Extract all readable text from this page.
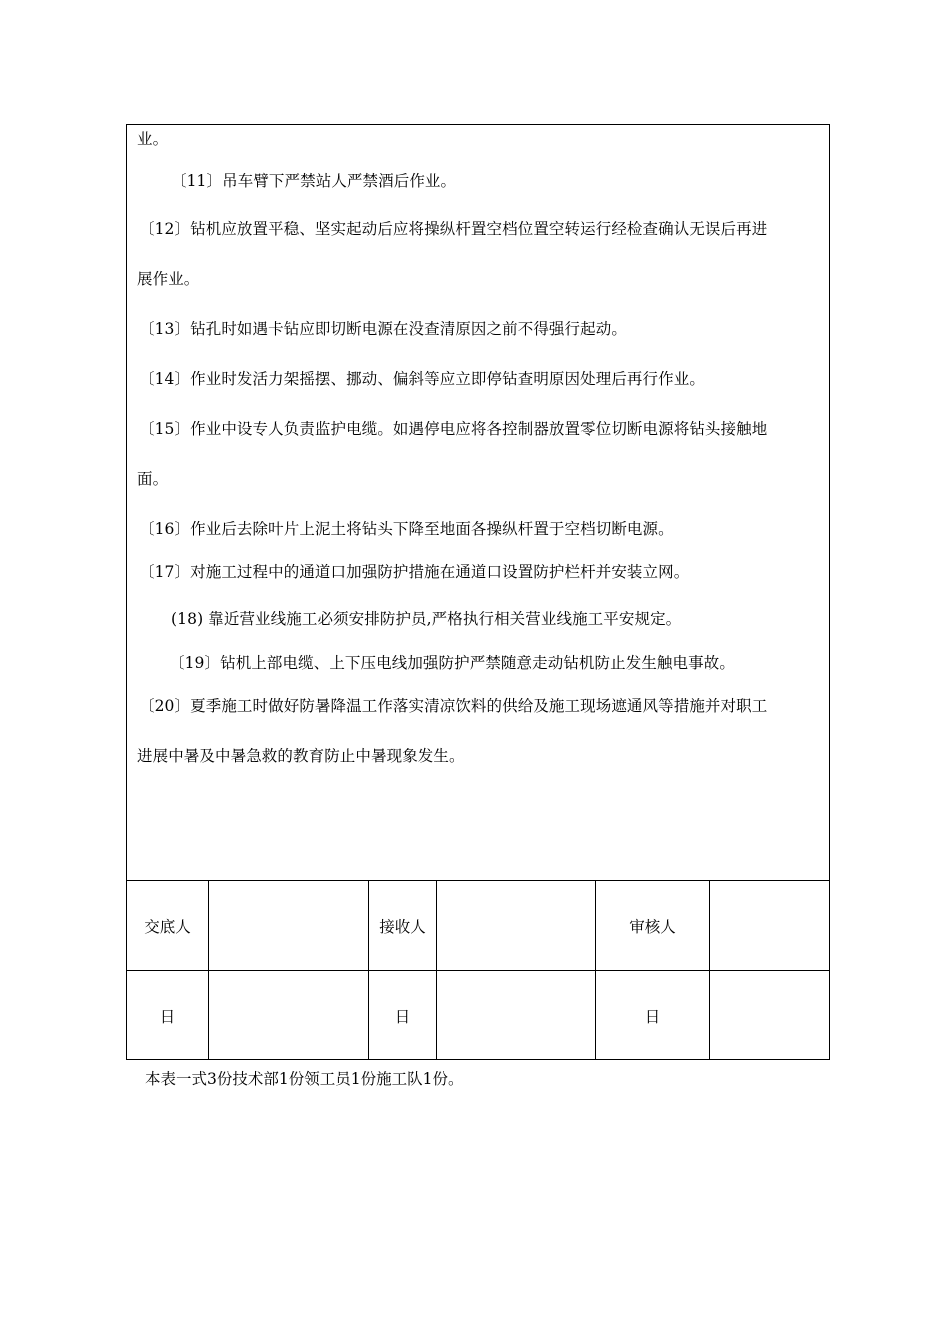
业。
〔11〕吊车臂下严禁站人严禁酒后作业。
〔12〕钻机应放置平稳、坚实起动后应将操纵杆置空档位置空转运行经检查确认无误后再进
展作业。
〔13〕钻孔时如遇卡钻应即切断电源在没查清原因之前不得强行起动。
〔14〕作业时发活力架摇摆、挪动、偏斜等应立即停钻查明原因处理后再行作业。
〔15〕作业中设专人负责监护电缆。如遇停电应将各控制器放置零位切断电源将钻头接触地
面。
〔16〕作业后去除叶片上泥土将钻头下降至地面各操纵杆置于空档切断电源。
〔17〕对施工过程中的通道口加强防护措施在通道口设置防护栏杆并安装立网。
(18) 靠近营业线施工必须安排防护员,严格执行相关营业线施工平安规定。
〔19〕钻机上部电缆、上下压电线加强防护严禁随意走动钻机防止发生触电事故。
〔20〕夏季施工时做好防暑降温工作落实清凉饮料的供给及施工现场遮通风等措施并对职工
进展中暑及中暑急救的教育防止中暑现象发生。
交底人	接收人	审核人
日	日	日
本表一式3份技术部1份领工员1份施工队1份。
